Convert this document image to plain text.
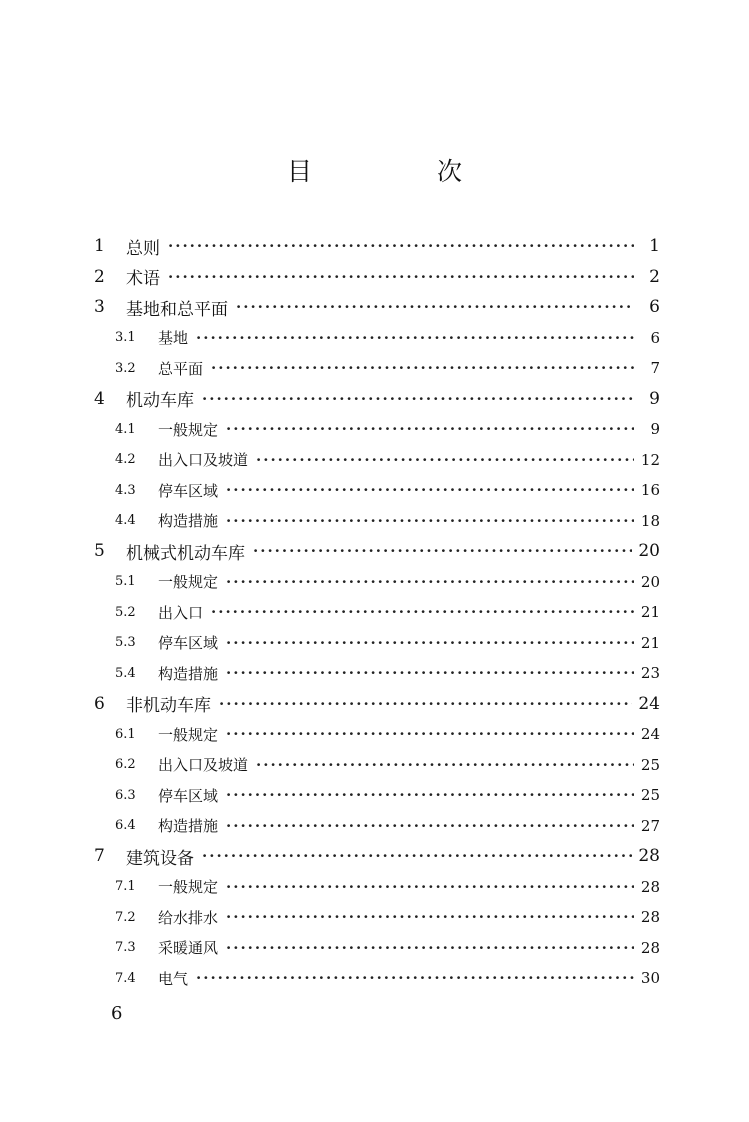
目　次
1	总则 ·····	1
2	术语 ·····	2
3	基地和总平面 ·····	6
3.1	基地 ·····	6
3.2	总平面 ·····	7
4	机动车库 ·····	9
4.1	一般规定 ·····	9
4.2	出入口及坡道 ·····	12
4.3	停车区域 ·····	16
4.4	构造措施 ·····	18
5	机械式机动车库 ·····	20
5.1	一般规定 ·····	20
5.2	出入口 ·····	21
5.3	停车区域 ·····	21
5.4	构造措施 ·····	23
6	非机动车库 ·····	24
6.1	一般规定 ·····	24
6.2	出入口及坡道 ·····	25
6.3	停车区域 ·····	25
6.4	构造措施 ·····	27
7	建筑设备 ·····	28
7.1	一般规定 ·····	28
7.2	给水排水 ·····	28
7.3	采暖通风 ·····	28
7.4	电气 ·····	30
6
